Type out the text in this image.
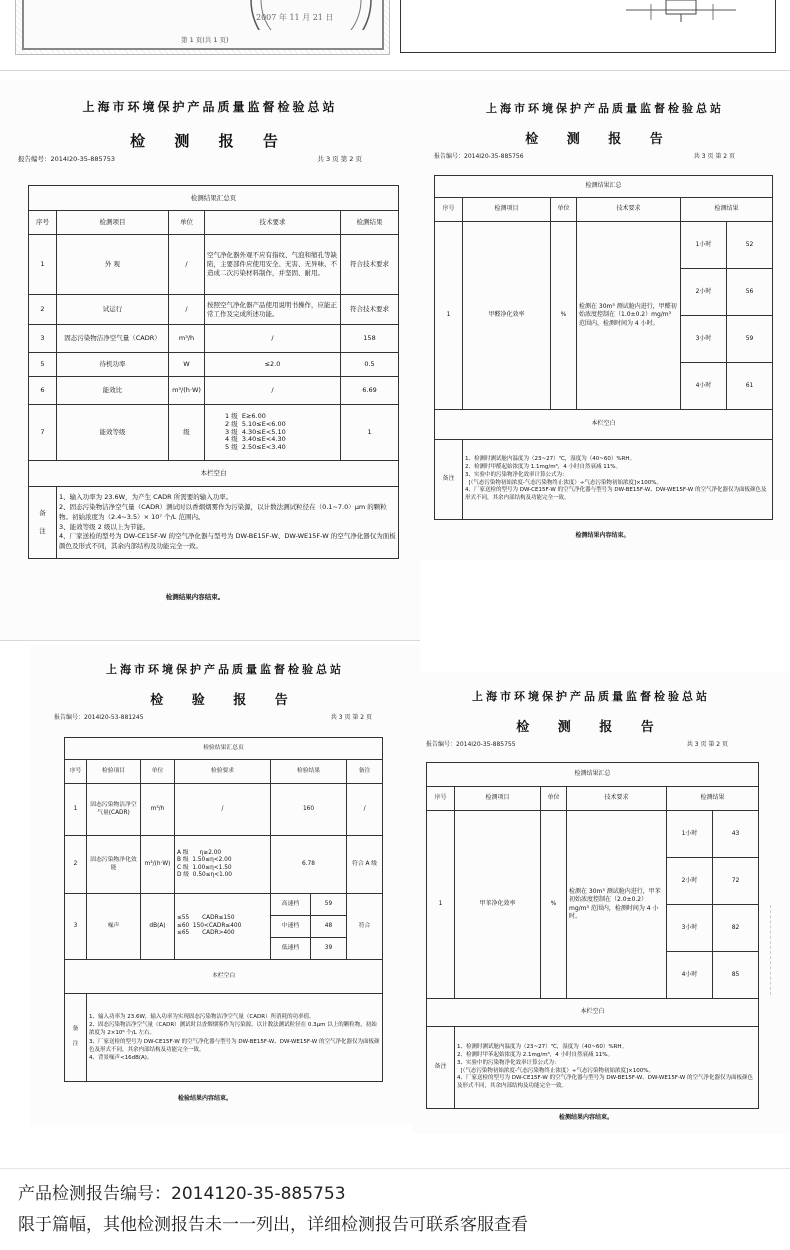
2007 年 11 月 21 日
第 1 页(共 1 页)
上海市环境保护产品质量监督检验总站
检 测 报 告
报告编号：2014I20-35-885753	共 3 页 第 2 页
检测结果汇总页				
序号	检测项目	单位	技术要求	检测结果
1	外 观	/	空气净化器外观不应有指纹、气泡和缩孔等缺陷，主要部件应使用安全、无害、无异味、不造成二次污染材料制作，并坚固、耐用。	符合技术要求
2	试运行	/	按照空气净化器产品使用说明书操作，应能正常工作及完成所述功能。	符合技术要求
3	固态污染物洁净空气量（CADR）	m³/h	/	158
5	待机功率	W	≤2.0	0.5
6	能效比	m³/(h·W)	/	6.69
7	能效等级	级	1 级  E≥6.00
2 级  5.10≤E<6.00
3 级  4.30≤E<5.10
4 级  3.40≤E<4.30
5 级  2.50≤E<3.40	1
本栏空白				
备

注	1、输入功率为 23.6W，为产生 CADR 所需要的输入功率。
2、固态污染物洁净空气量（CADR）测试时以香烟烟雾作为污染源，以计数法测试粒径在（0.1~7.0）μm 的颗粒物。初始浓度为（2.4~3.5）× 10⁷ 个/L 范围内。
3、能效等级 2 级以上为节能。
4、厂家送检的型号为 DW-CE15F-W 的空气净化器与型号为 DW-BE15F-W、DW-WE15F-W 的空气净化器仅为面板颜色及形式不同，其余内部结构及功能完全一致。			
检测结果内容结束。
上海市环境保护产品质量监督检验总站
检 测 报 告
报告编号：2014I20-35-885756	共 3 页 第 2 页
检测结果汇总					
序号	检测项目	单位	技术要求	检测结果	
1	甲醛净化效率	%	检测在 30m³ 测试舱内进行，甲醛初始浓度控制在（1.0±0.2）mg/m³ 范围内，检测时间为 4 小时。	1小时	52
				2小时	56
				3小时	59
				4小时	61
本栏空白					
备注	1、检测时测试舱内温度为（23~27）℃，湿度为（40~60）%RH。
2、检测时甲醛起始浓度为 1.1mg/m³，4 小时自然衰减 11%。
3、实验中的污染物净化效率计算公式为：
[（气态污染物初始浓度-气态污染物终止浓度）÷气态污染物初始浓度]×100%。
4、厂家送检的型号为 DW-CE15F-W 的空气净化器与型号为 DW-BE15F-W、DW-WE15F-W 的空气净化器仅为面板颜色及形式不同，其余内部结构及功能完全一致。				
检测结果内容结束。
上海市环境保护产品质量监督检验总站
检 验 报 告
报告编号：2014I20-53-881245	共 3 页 第 2 页
检验结果汇总页						
序号	检验项目	单位	检验要求	检验结果		备注
1	固态污染物洁净空气量(CADR)	m³/h	/	160		/
2	固态污染物净化效能	m³/(h·W)	A 级      η≥2.00
B 级  1.50≤η<2.00
C 级  1.00≤η<1.50
D 级  0.50≤η<1.00	6.78		符合 A 级
3	噪声	dB(A)	≤55       CADR≤150
≤60  150<CADR≤400
≤65       CADR>400	高速档	59	符合
				中速档	48	
				低速档	39	
本栏空白						
备

注	1、输入功率为 23.6W，输入功率为实现固态污染物洁净空气量（CADR）所消耗的功率值。
2、固态污染物洁净空气量（CADR）测试时以香烟烟雾作为污染源，以计数法测试粒径在 0.3μm 以上的颗粒物，初始浓度为 2×10⁶ 个/L 左右。
3、厂家送检的型号为 DW-CE15F-W 的空气净化器与型号为 DW-BE15F-W、DW-WE15F-W 的空气净化器仅为面板颜色及形式不同，其余内部结构及功能完全一致。
4、背景噪声<16dB(A)。					
检验结果内容结束。
上海市环境保护产品质量监督检验总站
检 测 报 告
报告编号：2014I20-35-885755	共 3 页 第 2 页
检测结果汇总					
序号	检测项目	单位	技术要求	检测结果	
1	甲苯净化效率	%	检测在 30m³ 测试舱内进行，甲苯初始浓度控制在（2.0±0.2）mg/m³ 范围内，检测时间为 4 小时。	1小时	43
				2小时	72
				3小时	82
				4小时	85
本栏空白					
备注	1、检测时测试舱内温度为（23~27）℃，湿度为（40~60）%RH。
2、检测时甲苯起始浓度为 2.1mg/m³，4 小时自然衰减 11%。
3、实验中的污染物净化效率计算公式为：
[（气态污染物初始浓度-气态污染物终止浓度）÷气态污染物初始浓度]×100%。
4、厂家送检的型号为 DW-CE15F-W 的空气净化器与型号为 DW-BE15F-W、DW-WE15F-W 的空气净化器仅为面板颜色及形式不同，其余内部结构及功能完全一致。				
检测结果内容结束。
产品检测报告编号：2014120-35-885753
限于篇幅，其他检测报告未一一列出，详细检测报告可联系客服查看
